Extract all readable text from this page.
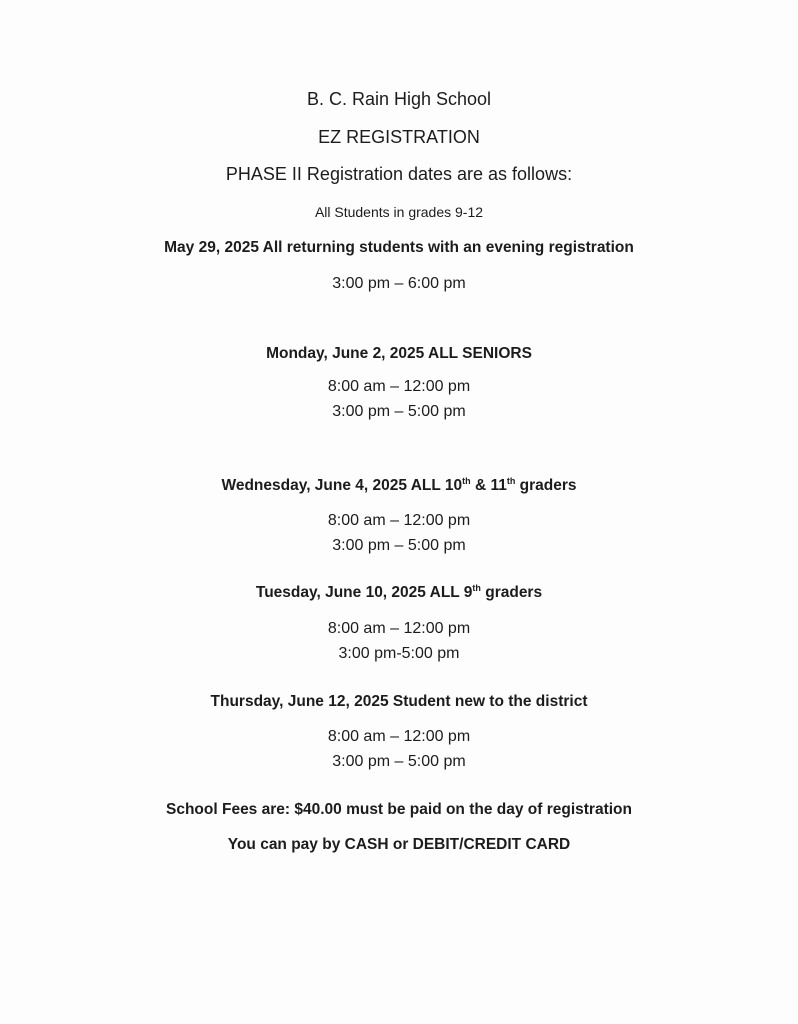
B. C. Rain High School
EZ REGISTRATION
PHASE II Registration dates are as follows:
All Students in grades 9-12
May 29, 2025 All returning students with an evening registration
3:00 pm – 6:00 pm
Monday, June 2, 2025 ALL SENIORS
8:00 am – 12:00 pm
3:00 pm – 5:00 pm
Wednesday, June 4, 2025 ALL 10th & 11th graders
8:00 am – 12:00 pm
3:00 pm – 5:00 pm
Tuesday, June 10, 2025 ALL 9th graders
8:00 am – 12:00 pm
3:00 pm-5:00 pm
Thursday, June 12, 2025 Student new to the district
8:00 am – 12:00 pm
3:00 pm – 5:00 pm
School Fees are: $40.00 must be paid on the day of registration
You can pay by CASH or DEBIT/CREDIT CARD
